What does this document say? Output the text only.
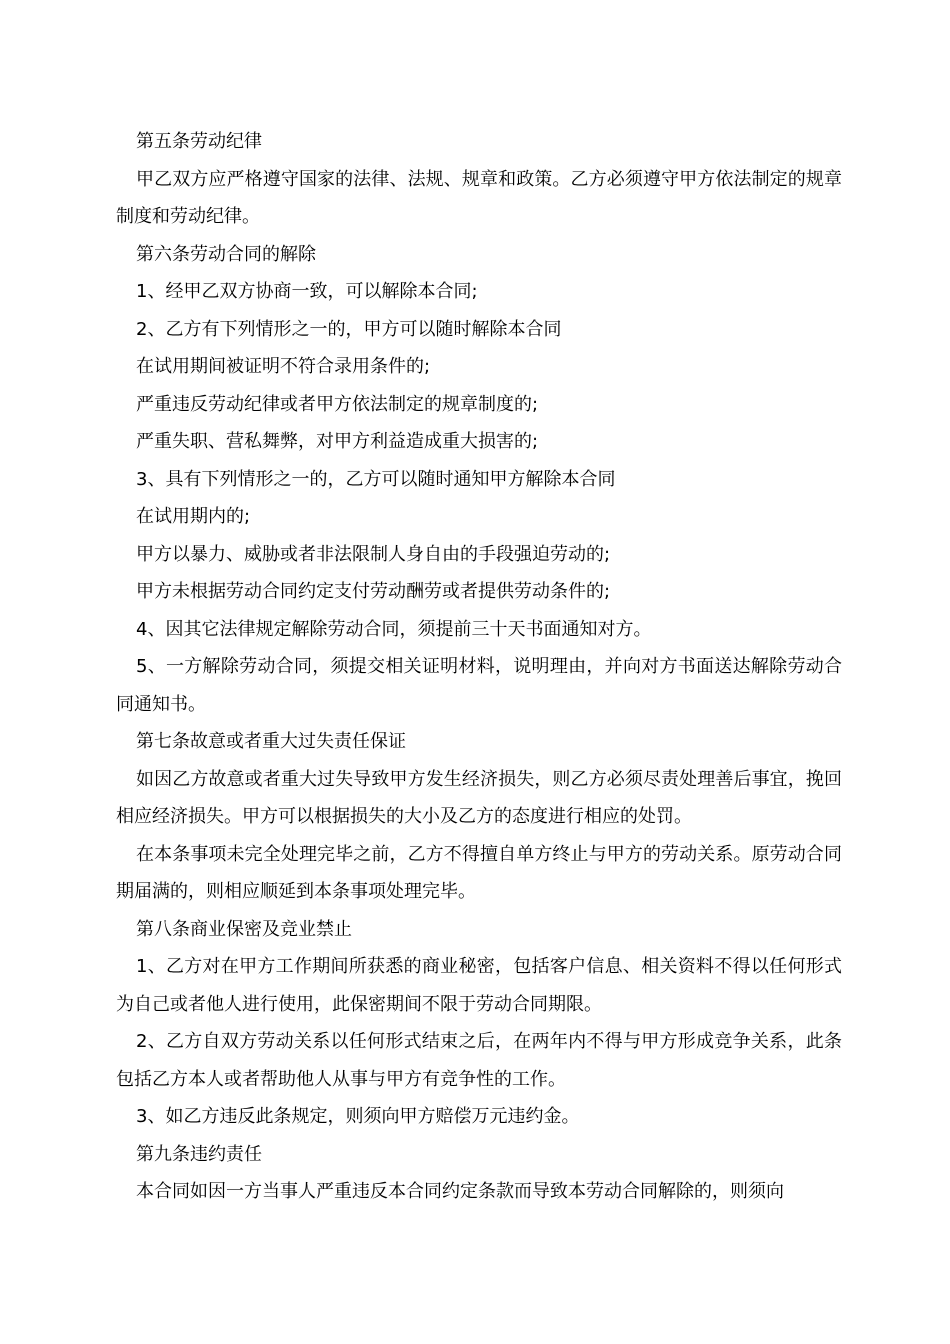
第五条劳动纪律

甲乙双方应严格遵守国家的法律、法规、规章和政策。乙方必须遵守甲方依法制定的规章制度和劳动纪律。

第六条劳动合同的解除

1、经甲乙双方协商一致，可以解除本合同;

2、乙方有下列情形之一的，甲方可以随时解除本合同

在试用期间被证明不符合录用条件的;

严重违反劳动纪律或者甲方依法制定的规章制度的;

严重失职、营私舞弊，对甲方利益造成重大损害的;

3、具有下列情形之一的，乙方可以随时通知甲方解除本合同

在试用期内的;

甲方以暴力、威胁或者非法限制人身自由的手段强迫劳动的;

甲方未根据劳动合同约定支付劳动酬劳或者提供劳动条件的;

4、因其它法律规定解除劳动合同，须提前三十天书面通知对方。

5、一方解除劳动合同，须提交相关证明材料，说明理由，并向对方书面送达解除劳动合同通知书。

第七条故意或者重大过失责任保证

如因乙方故意或者重大过失导致甲方发生经济损失，则乙方必须尽责处理善后事宜，挽回相应经济损失。甲方可以根据损失的大小及乙方的态度进行相应的处罚。

在本条事项未完全处理完毕之前，乙方不得擅自单方终止与甲方的劳动关系。原劳动合同期届满的，则相应顺延到本条事项处理完毕。

第八条商业保密及竞业禁止

1、乙方对在甲方工作期间所获悉的商业秘密，包括客户信息、相关资料不得以任何形式为自己或者他人进行使用，此保密期间不限于劳动合同期限。

2、乙方自双方劳动关系以任何形式结束之后，在两年内不得与甲方形成竞争关系，此条包括乙方本人或者帮助他人从事与甲方有竞争性的工作。

3、如乙方违反此条规定，则须向甲方赔偿万元违约金。

第九条违约责任

本合同如因一方当事人严重违反本合同约定条款而导致本劳动合同解除的，则须向
